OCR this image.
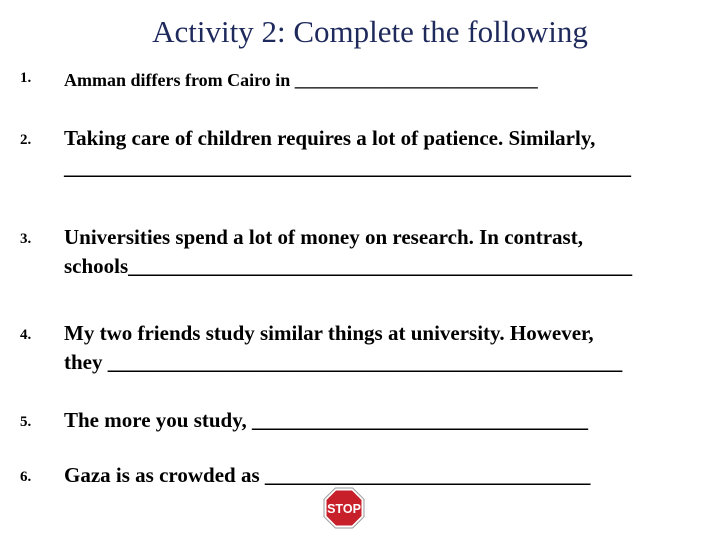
Activity 2: Complete the following
1. Amman differs from Cairo in ___________________________
2. Taking care of children requires a lot of patience. Similarly,
______________________________________________________
3. Universities spend a lot of money on research. In contrast,
schools________________________________________________
4. My two friends study similar things at university. However,
they _________________________________________________
5. The more you study, ________________________________
6. Gaza is as crowded as _______________________________
STOP
